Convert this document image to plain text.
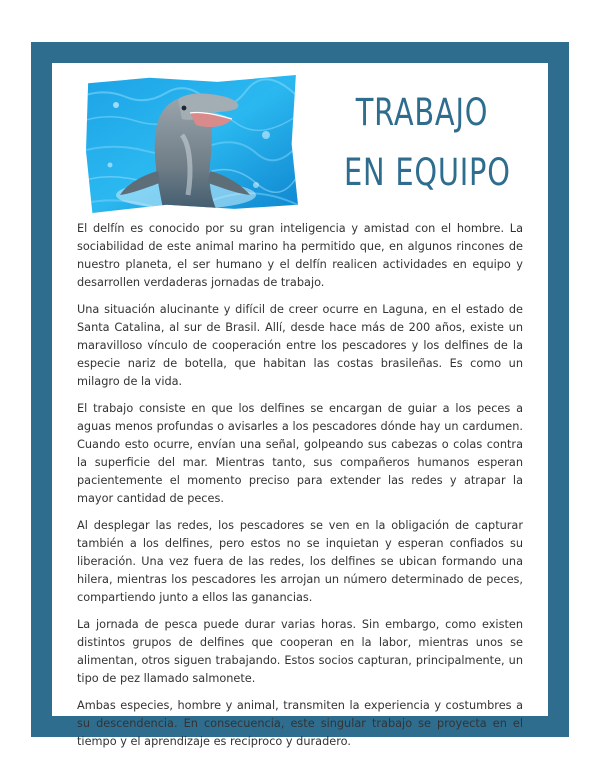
TRABAJO
EN EQUIPO

El delfín es conocido por su gran inteligencia y amistad con el hombre. La sociabilidad de este animal marino ha permitido que, en algunos rincones de nuestro planeta, el ser humano y el delfín realicen actividades en equipo y desarrollen verdaderas jornadas de trabajo.

Una situación alucinante y difícil de creer ocurre en Laguna, en el estado de Santa Catalina, al sur de Brasil. Allí, desde hace más de 200 años, existe un maravilloso vínculo de cooperación entre los pescadores y los delfines de la especie nariz de botella, que habitan las costas brasileñas. Es como un milagro de la vida.

El trabajo consiste en que los delfines se encargan de guiar a los peces a aguas menos profundas o avisarles a los pescadores dónde hay un cardumen. Cuando esto ocurre, envían una señal, golpeando sus cabezas o colas contra la superficie del mar. Mientras tanto, sus compañeros humanos esperan pacientemente el momento preciso para extender las redes y atrapar la mayor cantidad de peces.

Al desplegar las redes, los pescadores se ven en la obligación de capturar también a los delfines, pero estos no se inquietan y esperan confiados su liberación. Una vez fuera de las redes, los delfines se ubican formando una hilera, mientras los pescadores les arrojan un número determinado de peces, compartiendo junto a ellos las ganancias.

La jornada de pesca puede durar varias horas. Sin embargo, como existen distintos grupos de delfines que cooperan en la labor, mientras unos se alimentan, otros siguen trabajando. Estos socios capturan, principalmente, un tipo de pez llamado salmonete.

Ambas especies, hombre y animal, transmiten la experiencia y costumbres a su descendencia. En consecuencia, este singular trabajo se proyecta en el tiempo y el aprendizaje es recíproco y duradero.
